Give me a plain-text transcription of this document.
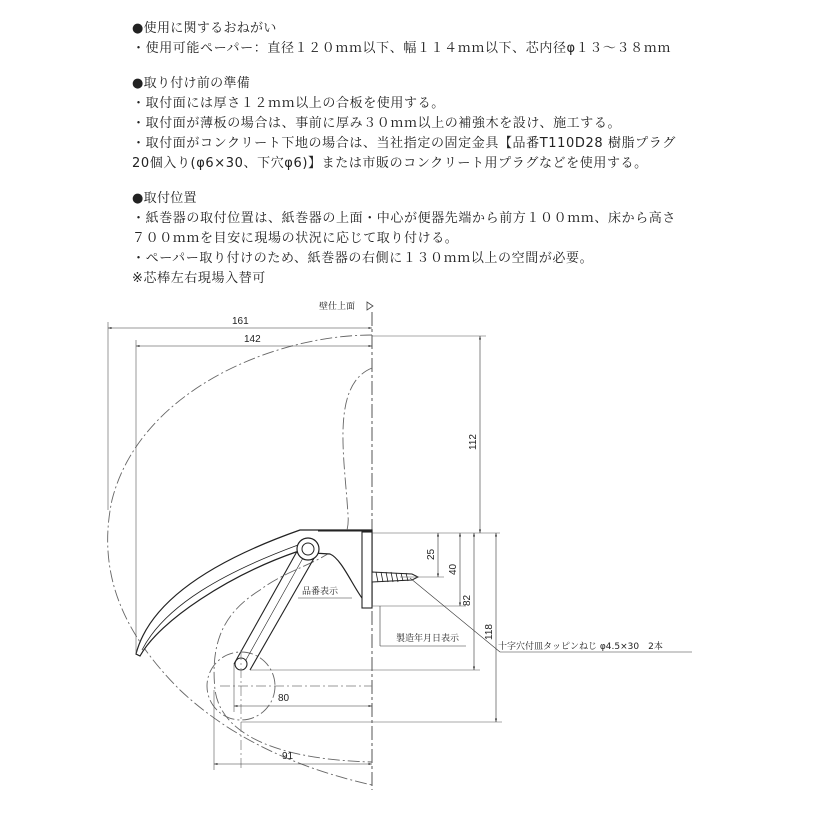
●使用に関するおねがい
・使用可能ペーパー：直径１２０ｍｍ以下、幅１１４ｍｍ以下、芯内径φ１３～３８ｍｍ
●取り付け前の準備
・取付面には厚さ１２ｍｍ以上の合板を使用する。
・取付面が薄板の場合は、事前に厚み３０ｍｍ以上の補強木を設け、施工する。
・取付面がコンクリート下地の場合は、当社指定の固定金具【品番T110D28 樹脂プラグ
20個入り(φ6×30、下穴φ6)】または市販のコンクリート用プラグなどを使用する。
●取付位置
・紙巻器の取付位置は、紙巻器の上面・中心が便器先端から前方１００ｍｍ、床から高さ
７００ｍｍを目安に現場の状況に応じて取り付ける。
・ペーパー取り付けのため、紙巻器の右側に１３０ｍｍ以上の空間が必要。
※芯棒左右現場入替可
壁仕上面
161
142
112
25
40
82
118
80
91
品番表示
製造年月日表示
十字穴付皿タッピンねじ φ4.5×30　2本
